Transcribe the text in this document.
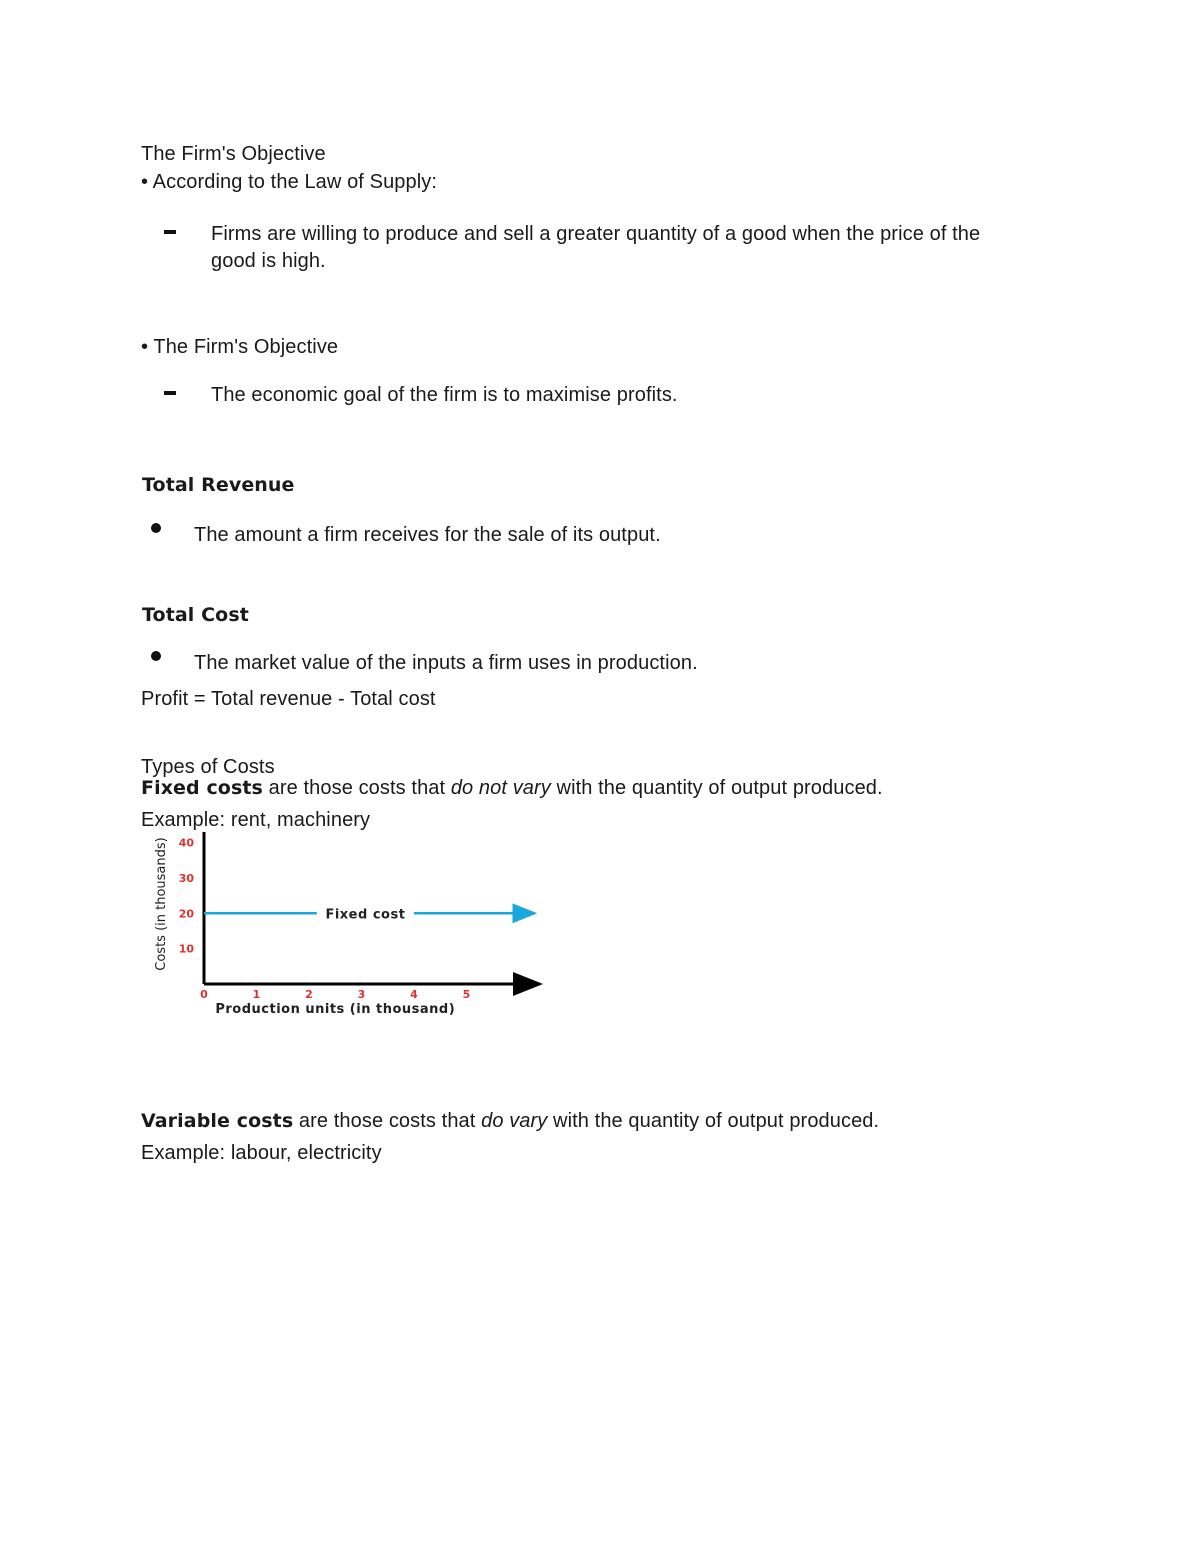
The Firm's Objective
• According to the Law of Supply:
Firms are willing to produce and sell a greater quantity of a good when the price of the
good is high.
• The Firm's Objective
The economic goal of the firm is to maximise profits.
Total Revenue
The amount a firm receives for the sale of its output.
Total Cost
The market value of the inputs a firm uses in production.
Profit = Total revenue - Total cost
Types of Costs
Fixed costs are those costs that do not vary with the quantity of output produced.
Example: rent, machinery
10
20
30
40
0	1	2	3	4	5
Production units (in thousand)
Costs (in thousands)	Fixed cost
Variable costs are those costs that do vary with the quantity of output produced.
Example: labour, electricity
